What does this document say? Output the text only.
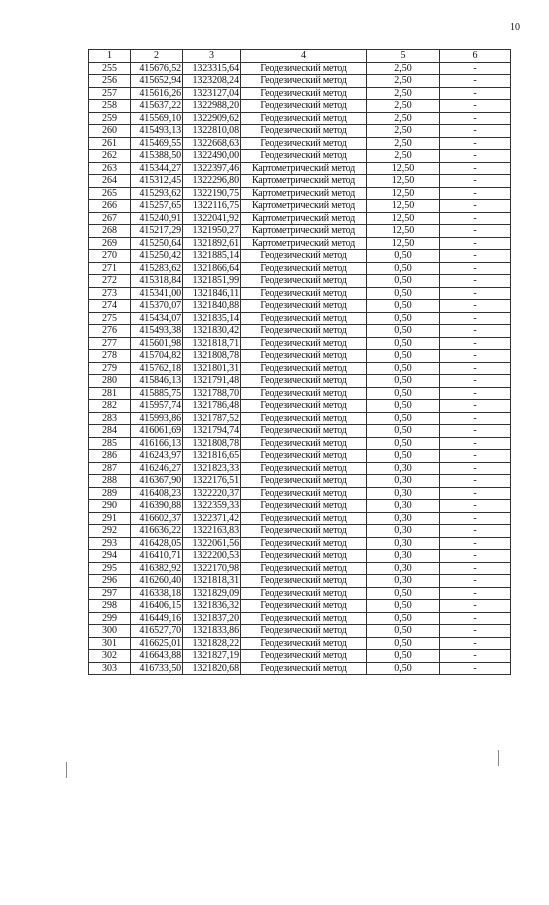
10
1	2	3	4	5	6
255	415676,52	1323315,64	Геодезический метод	2,50	-
256	415652,94	1323208,24	Геодезический метод	2,50	-
257	415616,26	1323127,04	Геодезический метод	2,50	-
258	415637,22	1322988,20	Геодезический метод	2,50	-
259	415569,10	1322909,62	Геодезический метод	2,50	-
260	415493,13	1322810,08	Геодезический метод	2,50	-
261	415469,55	1322668,63	Геодезический метод	2,50	-
262	415388,50	1322490,00	Геодезический метод	2,50	-
263	415344,27	1322397,46	Картометрический метод	12,50	-
264	415312,45	1322296,80	Картометрический метод	12,50	-
265	415293,62	1322190,75	Картометрический метод	12,50	-
266	415257,65	1322116,75	Картометрический метод	12,50	-
267	415240,91	1322041,92	Картометрический метод	12,50	-
268	415217,29	1321950,27	Картометрический метод	12,50	-
269	415250,64	1321892,61	Картометрический метод	12,50	-
270	415250,42	1321885,14	Геодезический метод	0,50	-
271	415283,62	1321866,64	Геодезический метод	0,50	-
272	415318,84	1321851,99	Геодезический метод	0,50	-
273	415341,00	1321846,11	Геодезический метод	0,50	-
274	415370,07	1321840,88	Геодезический метод	0,50	-
275	415434,07	1321835,14	Геодезический метод	0,50	-
276	415493,38	1321830,42	Геодезический метод	0,50	-
277	415601,98	1321818,71	Геодезический метод	0,50	-
278	415704,82	1321808,78	Геодезический метод	0,50	-
279	415762,18	1321801,31	Геодезический метод	0,50	-
280	415846,13	1321791,48	Геодезический метод	0,50	-
281	415885,75	1321788,70	Геодезический метод	0,50	-
282	415957,74	1321786,48	Геодезический метод	0,50	-
283	415993,86	1321787,52	Геодезический метод	0,50	-
284	416061,69	1321794,74	Геодезический метод	0,50	-
285	416166,13	1321808,78	Геодезический метод	0,50	-
286	416243,97	1321816,65	Геодезический метод	0,50	-
287	416246,27	1321823,33	Геодезический метод	0,30	-
288	416367,90	1322176,51	Геодезический метод	0,30	-
289	416408,23	1322220,37	Геодезический метод	0,30	-
290	416390,88	1322359,33	Геодезический метод	0,30	-
291	416602,37	1322371,42	Геодезический метод	0,30	-
292	416636,22	1322163,83	Геодезический метод	0,30	-
293	416428,05	1322061,56	Геодезический метод	0,30	-
294	416410,71	1322200,53	Геодезический метод	0,30	-
295	416382,92	1322170,98	Геодезический метод	0,30	-
296	416260,40	1321818,31	Геодезический метод	0,30	-
297	416338,18	1321829,09	Геодезический метод	0,50	-
298	416406,15	1321836,32	Геодезический метод	0,50	-
299	416449,16	1321837,20	Геодезический метод	0,50	-
300	416527,70	1321833,86	Геодезический метод	0,50	-
301	416625,01	1321828,22	Геодезический метод	0,50	-
302	416643,88	1321827,19	Геодезический метод	0,50	-
303	416733,50	1321820,68	Геодезический метод	0,50	-
